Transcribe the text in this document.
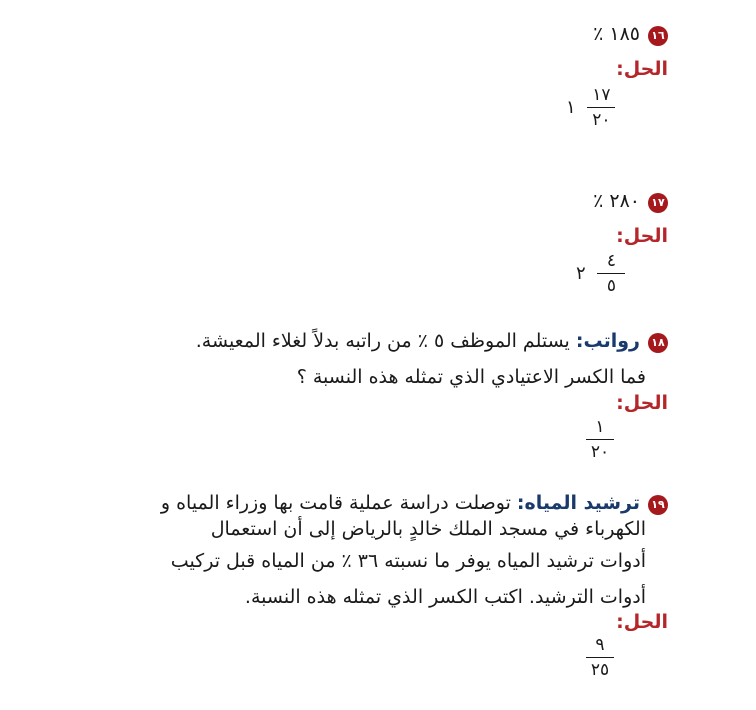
١٦١٨٥ ٪
الحل:
١ $\frac{١٧}{٢٠}$
١٧٢٨٠ ٪
الحل:
٢ $\frac{٤}{٥}$
١٨رواتب: يستلم الموظف ٥ ٪ من راتبه بدلاً لغلاء المعيشة.
فما الكسر الاعتيادي الذي تمثله هذه النسبة ؟
الحل:
$\frac{١}{٢٠}$
١٩ترشيد المياه: توصلت دراسة عملية قامت بها وزراء المياه و
الكهرباء في مسجد الملك خالدٍ بالرياض إلى أن استعمال
أدوات ترشيد المياه يوفر ما نسبته ٣٦ ٪ من المياه قبل تركيب
أدوات الترشيد. اكتب الكسر الذي تمثله هذه النسبة.
الحل:
$\frac{٩}{٢٥}$
